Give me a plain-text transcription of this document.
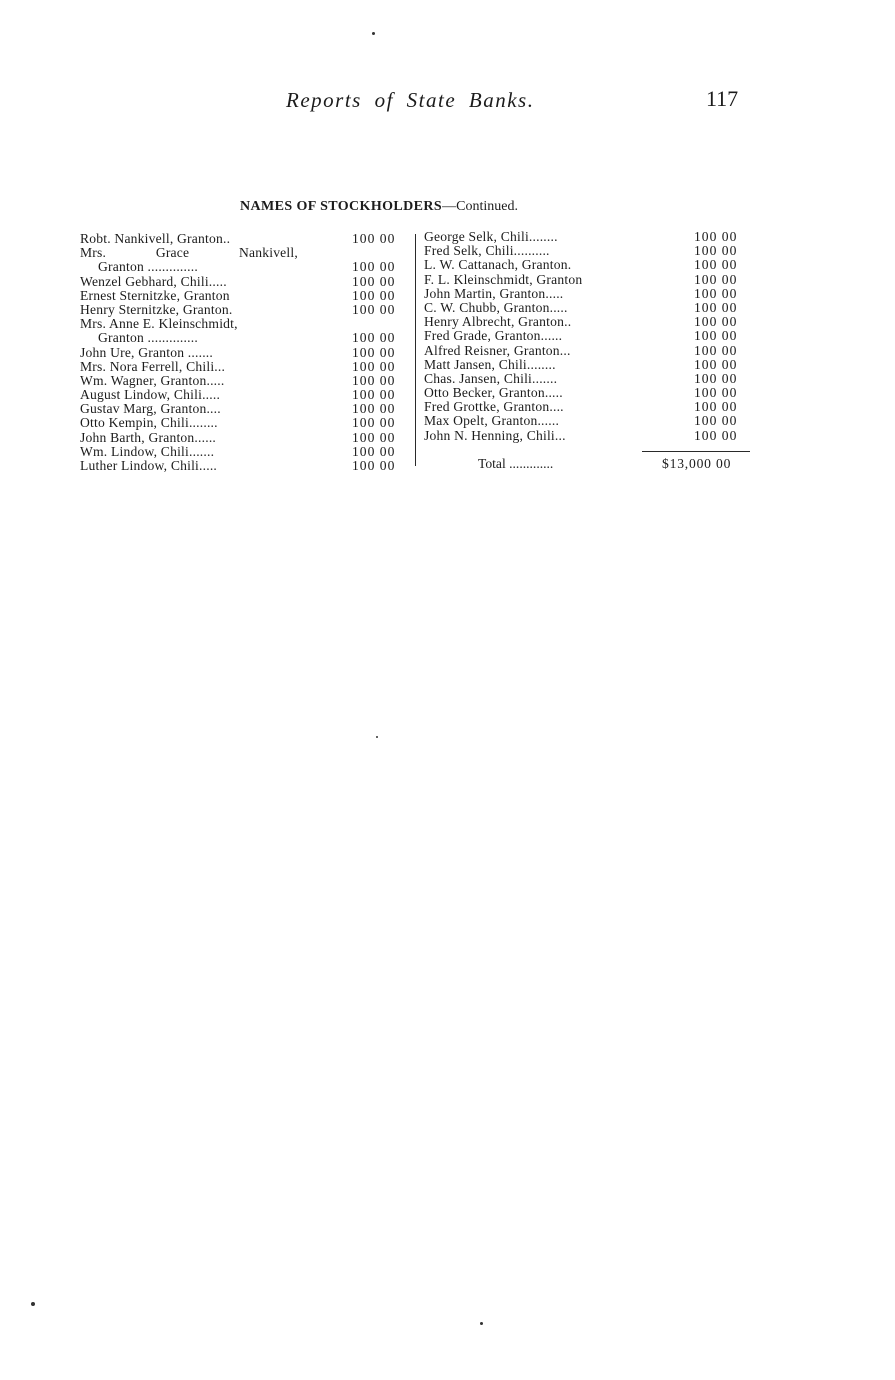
Reports of State Banks.	117
NAMES OF STOCKHOLDERS—Continued.
Robt. Nankivell, Granton..	100 00
Mrs.	Grace	Nankivell,
Granton ..............	100 00
Wenzel Gebhard, Chili.....	100 00
Ernest Sternitzke, Granton	100 00
Henry Sternitzke, Granton.	100 00
Mrs. Anne E. Kleinschmidt,
Granton ..............	100 00
John Ure, Granton .......	100 00
Mrs. Nora Ferrell, Chili...	100 00
Wm. Wagner, Granton.....	100 00
August Lindow, Chili.....	100 00
Gustav Marg, Granton....	100 00
Otto Kempin, Chili........	100 00
John Barth, Granton......	100 00
Wm. Lindow, Chili.......	100 00
Luther Lindow, Chili.....	100 00
George Selk, Chili........	100 00
Fred Selk, Chili..........	100 00
L. W. Cattanach, Granton.	100 00
F. L. Kleinschmidt, Granton	100 00
John Martin, Granton.....	100 00
C. W. Chubb, Granton.....	100 00
Henry Albrecht, Granton..	100 00
Fred Grade, Granton......	100 00
Alfred Reisner, Granton...	100 00
Matt Jansen, Chili........	100 00
Chas. Jansen, Chili.......	100 00
Otto Becker, Granton.....	100 00
Fred Grottke, Granton....	100 00
Max Opelt, Granton......	100 00
John N. Henning, Chili...	100 00
Total .............	$13,000 00
